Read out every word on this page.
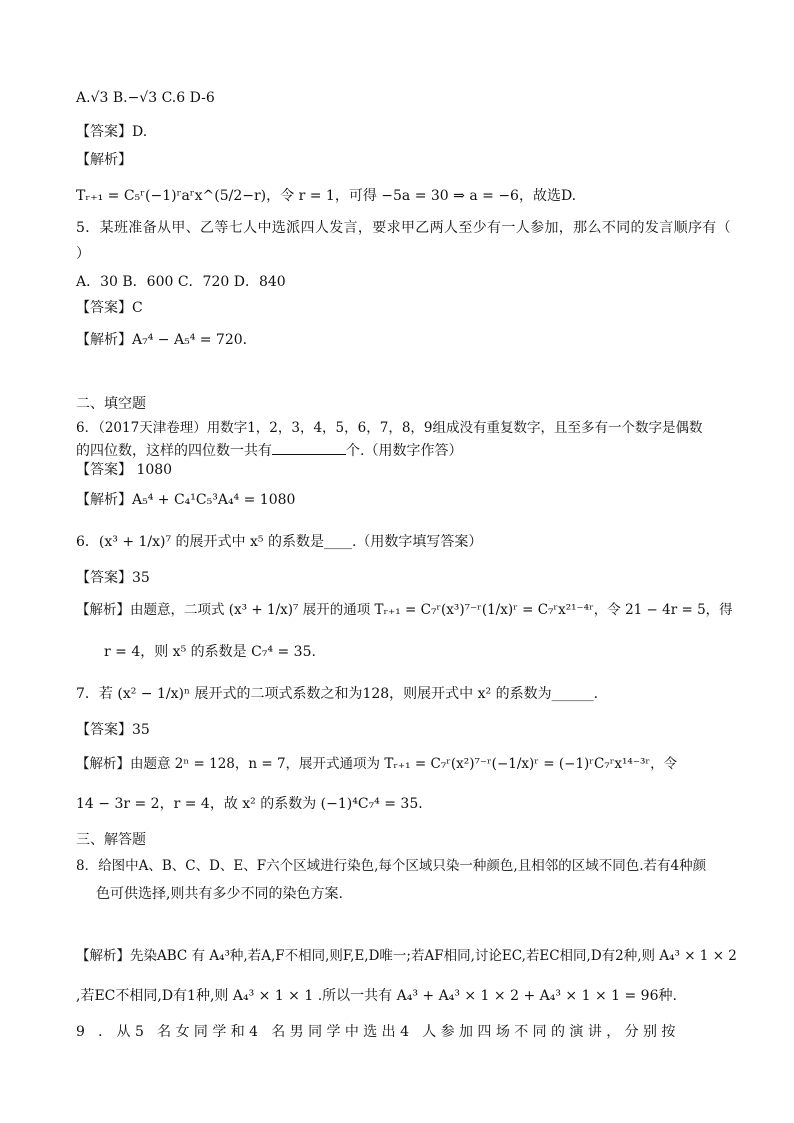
A.√3 B.−√3 C.6 D-6
【答案】D.
【解析】
Tᵣ₊₁ = C₅ʳ(−1)ʳaʳx^(5/2−r)，令 r = 1，可得 −5a = 30 ⇒ a = −6，故选D.
5．某班准备从甲、乙等七人中选派四人发言，要求甲乙两人至少有一人参加，那么不同的发言顺序有（
）
A．30 B．600 C．720 D．840
【答案】C
【解析】A₇⁴ − A₅⁴ = 720．
二、填空题
6．（2017天津卷理）用数字1，2，3，4，5，6，7，8，9组成没有重复数字，且至多有一个数字是偶数
的四位数，这样的四位数一共有	个.（用数字作答）
【答案】 1080
【解析】A₅⁴ + C₄¹C₅³A₄⁴ = 1080
6．(x³ + 1/x)⁷ 的展开式中 x⁵ 的系数是____.（用数字填写答案）
【答案】35
【解析】由题意，二项式 (x³ + 1/x)⁷ 展开的通项 Tᵣ₊₁ = C₇ʳ(x³)⁷⁻ʳ(1/x)ʳ = C₇ʳx²¹⁻⁴ʳ，令 21 − 4r = 5，得
r = 4，则 x⁵ 的系数是 C₇⁴ = 35.
7．若 (x² − 1/x)ⁿ 展开式的二项式系数之和为128，则展开式中 x² 的系数为______.
【答案】35
【解析】由题意 2ⁿ = 128，n = 7，展开式通项为 Tᵣ₊₁ = C₇ʳ(x²)⁷⁻ʳ(−1/x)ʳ = (−1)ʳC₇ʳx¹⁴⁻³ʳ，令
14 − 3r = 2，r = 4，故 x² 的系数为 (−1)⁴C₇⁴ = 35．
三、解答题
8．给图中A、B、C、D、E、F六个区域进行染色,每个区域只染一种颜色,且相邻的区域不同色.若有4种颜
色可供选择,则共有多少不同的染色方案.
【解析】先染ABC 有 A₄³种,若A,F不相同,则F,E,D唯一;若AF相同,讨论EC,若EC相同,D有2种,则 A₄³ × 1 × 2
,若EC不相同,D有1种,则 A₄³ × 1 × 1 .所以一共有 A₄³ + A₄³ × 1 × 2 + A₄³ × 1 × 1 = 96种.
9 ．从5 名女同学和4 名男同学中选出4 人参加四场不同的演讲，分别按
